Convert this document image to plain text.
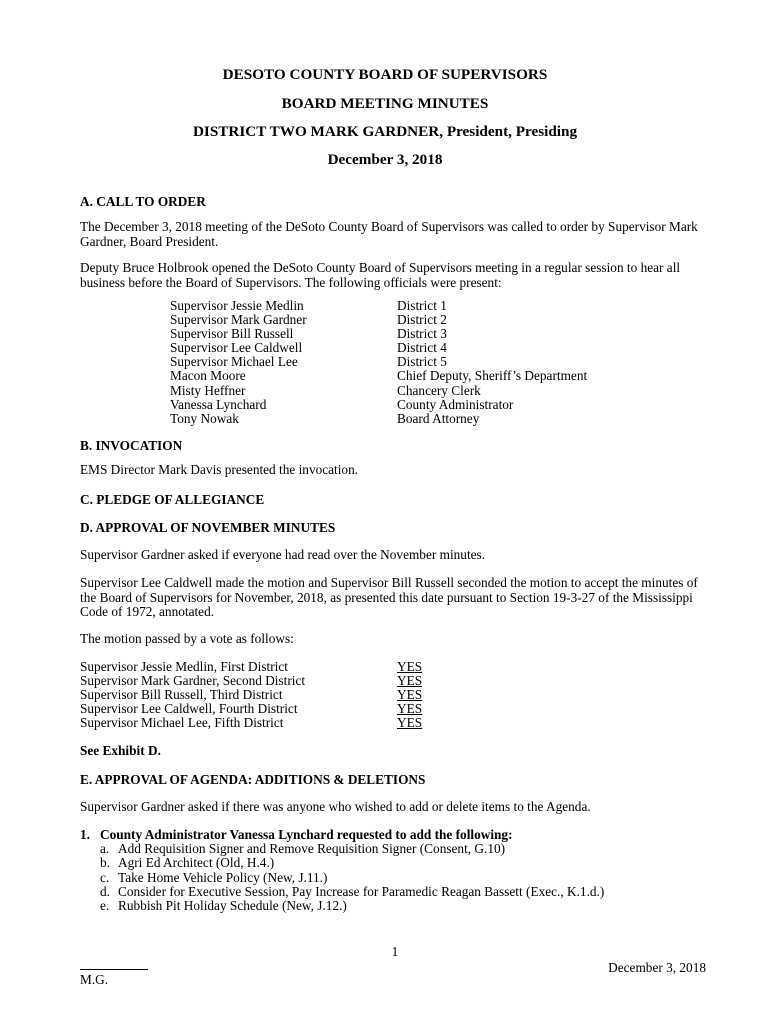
DESOTO COUNTY BOARD OF SUPERVISORS
BOARD MEETING MINUTES
DISTRICT TWO MARK GARDNER, President, Presiding
December 3, 2018
A. CALL TO ORDER
The December 3, 2018 meeting of the DeSoto County Board of Supervisors was called to order by Supervisor Mark Gardner, Board President.
Deputy Bruce Holbrook opened the DeSoto County Board of Supervisors meeting in a regular session to hear all business before the Board of Supervisors. The following officials were present:
Supervisor Jessie Medlin	District 1
Supervisor Mark Gardner	District 2
Supervisor Bill Russell	District 3
Supervisor Lee Caldwell	District 4
Supervisor Michael Lee	District 5
Macon Moore	Chief Deputy, Sheriff’s Department
Misty Heffner	Chancery Clerk
Vanessa Lynchard	County Administrator
Tony Nowak	Board Attorney
B. INVOCATION
EMS Director Mark Davis presented the invocation.
C. PLEDGE OF ALLEGIANCE
D. APPROVAL OF NOVEMBER MINUTES
Supervisor Gardner asked if everyone had read over the November minutes.
Supervisor Lee Caldwell made the motion and Supervisor Bill Russell seconded the motion to accept the minutes of the Board of Supervisors for November, 2018, as presented this date pursuant to Section 19-3-27 of the Mississippi Code of 1972, annotated.
The motion passed by a vote as follows:
Supervisor Jessie Medlin, First District	YES
Supervisor Mark Gardner, Second District	YES
Supervisor Bill Russell, Third District	YES
Supervisor Lee Caldwell, Fourth District	YES
Supervisor Michael Lee, Fifth District	YES
See Exhibit D.
E. APPROVAL OF AGENDA: ADDITIONS & DELETIONS
Supervisor Gardner asked if there was anyone who wished to add or delete items to the Agenda.
1. County Administrator Vanessa Lynchard requested to add the following:
a. Add Requisition Signer and Remove Requisition Signer (Consent, G.10)
b. Agri Ed Architect (Old, H.4.)
c. Take Home Vehicle Policy (New, J.11.)
d. Consider for Executive Session, Pay Increase for Paramedic Reagan Bassett (Exec., K.1.d.)
e. Rubbish Pit Holiday Schedule (New, J.12.)
1
December 3, 2018
M.G.
